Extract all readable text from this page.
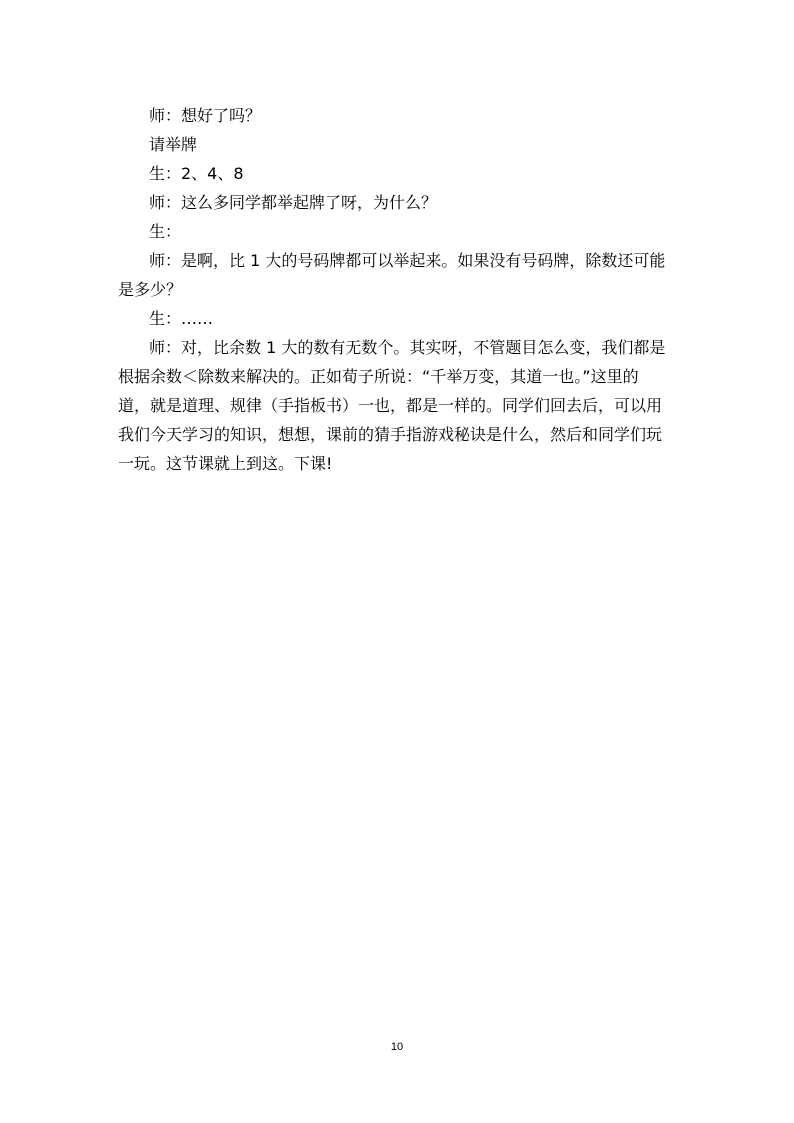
师：想好了吗？
请举牌
生：2、4、8
师：这么多同学都举起牌了呀，为什么？
生：
师：是啊，比 1 大的号码牌都可以举起来。如果没有号码牌，除数还可能
是多少？
生：……
师：对，比余数 1 大的数有无数个。其实呀，不管题目怎么变，我们都是
根据余数＜除数来解决的。正如荀子所说：“千举万变，其道一也。”这里的
道，就是道理、规律（手指板书）一也，都是一样的。同学们回去后，可以用
我们今天学习的知识，想想，课前的猜手指游戏秘诀是什么，然后和同学们玩
一玩。这节课就上到这。下课!
10
